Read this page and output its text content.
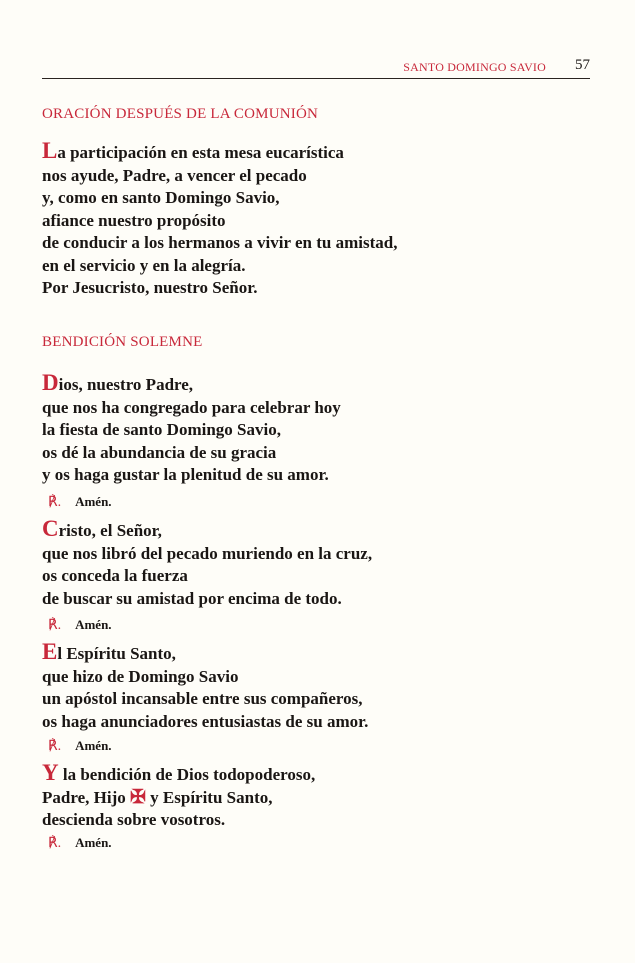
SANTO DOMINGO SAVIO 57
ORACIÓN DESPUÉS DE LA COMUNIÓN
La participación en esta mesa eucarística
nos ayude, Padre, a vencer el pecado
y, como en santo Domingo Savio,
afiance nuestro propósito
de conducir a los hermanos a vivir en tu amistad,
en el servicio y en la alegría.
Por Jesucristo, nuestro Señor.
BENDICIÓN SOLEMNE
Dios, nuestro Padre,
que nos ha congregado para celebrar hoy
la fiesta de santo Domingo Savio,
os dé la abundancia de su gracia
y os haga gustar la plenitud de su amor.
℟. Amén.
Cristo, el Señor,
que nos libró del pecado muriendo en la cruz,
os conceda la fuerza
de buscar su amistad por encima de todo.
℟. Amén.
El Espíritu Santo,
que hizo de Domingo Savio
un apóstol incansable entre sus compañeros,
os haga anunciadores entusiastas de su amor.
℟. Amén.
Y la bendición de Dios todopoderoso,
Padre, Hijo ✠ y Espíritu Santo,
descienda sobre vosotros.
℟. Amén.
